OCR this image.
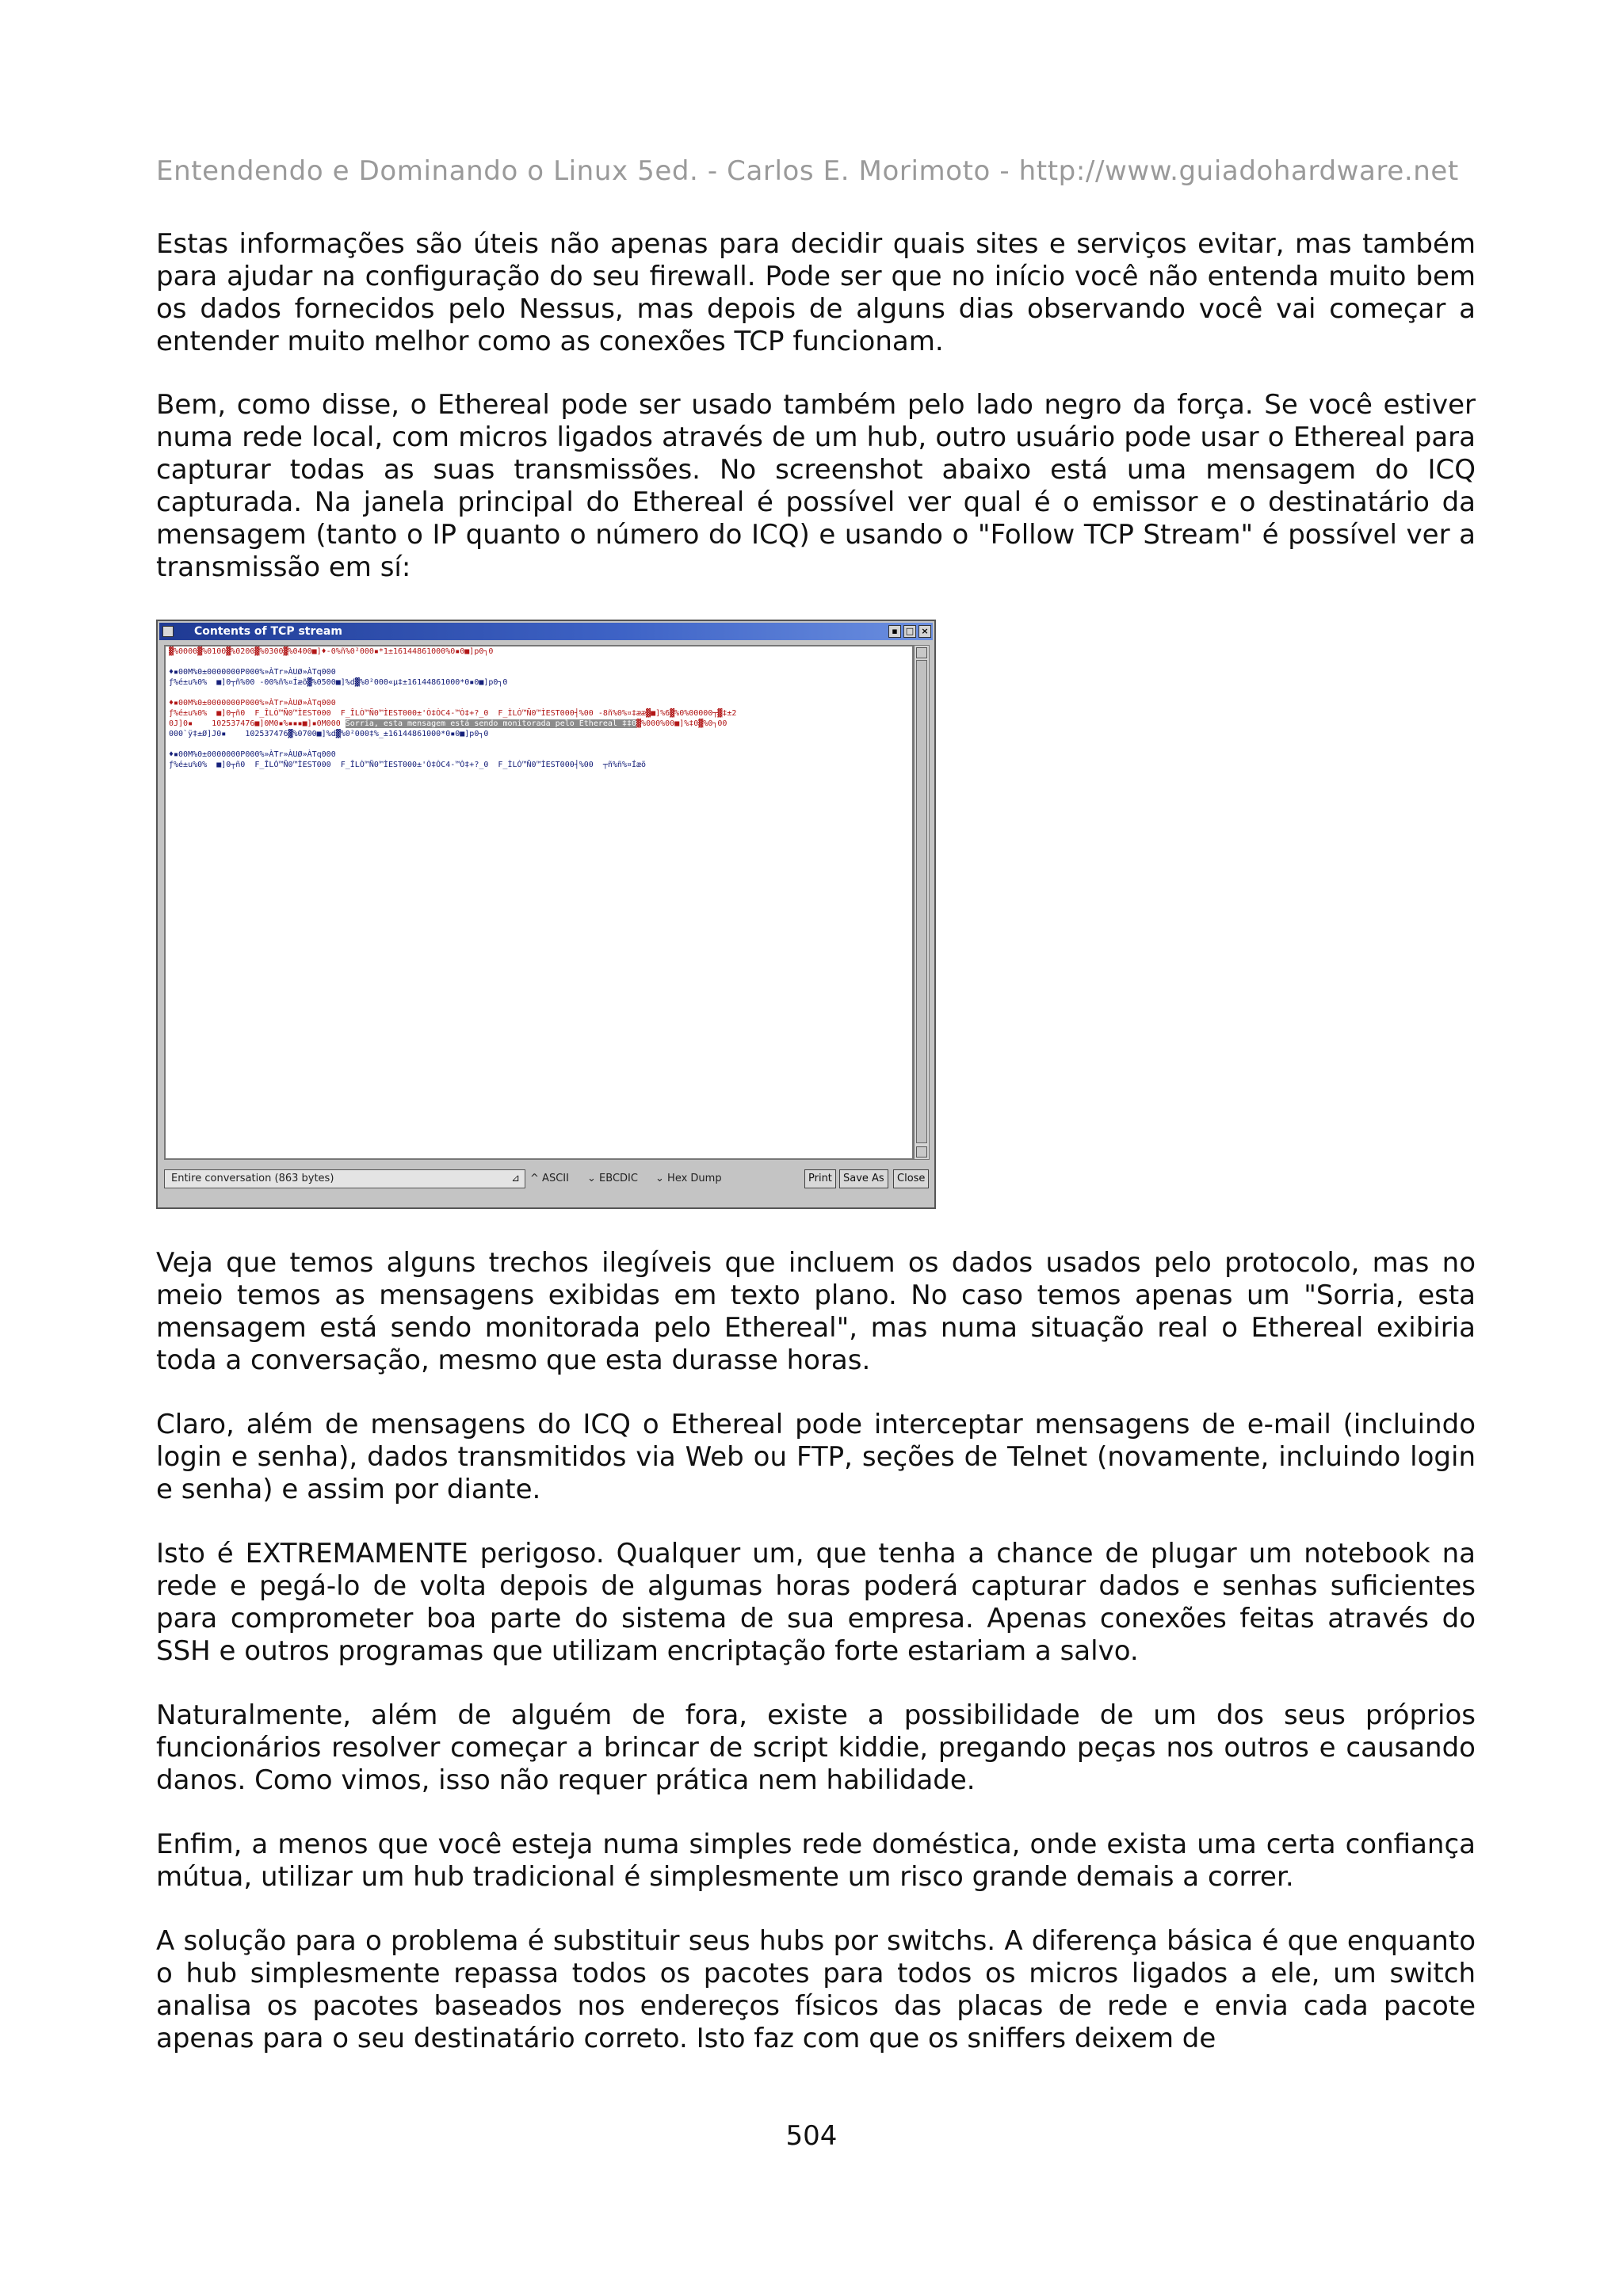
Entendendo e Dominando o Linux 5ed. - Carlos E. Morimoto - http://www.guiadohardware.net

Estas informações são úteis não apenas para decidir quais sites e serviços evitar, mas também para ajudar na configuração do seu firewall. Pode ser que no início você não entenda muito bem os dados fornecidos pelo Nessus, mas depois de alguns dias observando você vai começar a entender muito melhor como as conexões TCP funcionam.

Bem, como disse, o Ethereal pode ser usado também pelo lado negro da força. Se você estiver numa rede local, com micros ligados através de um hub, outro usuário pode usar o Ethereal para capturar todas as suas transmissões. No screenshot abaixo está uma mensagem do ICQ capturada. Na janela principal do Ethereal é possível ver qual é o emissor e o destinatário da mensagem (tanto o IP quanto o número do ICQ) e usando o "Follow TCP Stream" é possível ver a transmissão em sí:

Contents of TCP stream	▪ □ ×
▓%0000▓%0100▓%0200▓%0300▓%0400■]♦-0%ñ%0²000▪*1±16144861000%0▪0■]p0┐0
♦▪00M%0±0000000P000%»ÀTr»ÀUØ»ÀTq000
ƒ%é±u%0%  ■]0┬ñ%00 -00%ñ%¤Íæõ▓%0500■]%d▓%0²000«µ‡±16144861000*0▪0■]p0┐0
♦▪00M%0±0000000P000%»ÀTr»ÀUØ»ÀTq000
ƒ%é±u%0%  ■]0┬ñ0  F_ÎLÒ™Ñ0™ÌEST000  F_ÎLÒ™Ñ0™ÌEST000±'Ò‡ÒC4-™Ò‡+?_0  F_ÌLÒ™Ñ0™ÌEST000┤%00 -8ñ%0%¤‡ææ▓■]%6▓%0%00000┬▓‡±2
0J]0▪    102537476■]0M0▪%▪▪▪■]▪0M000 Sorria, esta mensagem está sendo monitorada pelo Ethereal ‡‡0▓%000%00■]%‡0▓%0┐00
000`ÿ‡±Ø]J0▪    102537476▓%0700■]%d▓%0²000‡%_±16144861000*0▪0■]p0┐0
♦▪00M%0±0000000P000%»ÀTr»ÀUØ»ÀTq000
ƒ%é±u%0%  ■]0┬ñ0  F_ÎLÒ™Ñ0™ÌEST000  F_ÎLÒ™Ñ0™ÌEST000±'Ò‡ÒC4-™Ò‡+?_0  F_ÌLÒ™Ñ0™ÌEST000┤%00  ┬ñ%ñ%¤Íæõ
Entire conversation (863 bytes)	⊿ ^ ASCII ⌄ EBCDIC ⌄ Hex Dump	Print	Save As	Close

Veja que temos alguns trechos ilegíveis que incluem os dados usados pelo protocolo, mas no meio temos as mensagens exibidas em texto plano. No caso temos apenas um "Sorria, esta mensagem está sendo monitorada pelo Ethereal", mas numa situação real o Ethereal exibiria toda a conversação, mesmo que esta durasse horas.

Claro, além de mensagens do ICQ o Ethereal pode interceptar mensagens de e-mail (incluindo login e senha), dados transmitidos via Web ou FTP, seções de Telnet (novamente, incluindo login e senha) e assim por diante.

Isto é EXTREMAMENTE perigoso. Qualquer um, que tenha a chance de plugar um notebook na rede e pegá-lo de volta depois de algumas horas poderá capturar dados e senhas suficientes para comprometer boa parte do sistema de sua empresa. Apenas conexões feitas através do SSH e outros programas que utilizam encriptação forte estariam a salvo.

Naturalmente, além de alguém de fora, existe a possibilidade de um dos seus próprios funcionários resolver começar a brincar de script kiddie, pregando peças nos outros e causando danos. Como vimos, isso não requer prática nem habilidade.

Enfim, a menos que você esteja numa simples rede doméstica, onde exista uma certa confiança mútua, utilizar um hub tradicional é simplesmente um risco grande demais a correr.

A solução para o problema é substituir seus hubs por switchs. A diferença básica é que enquanto o hub simplesmente repassa todos os pacotes para todos os micros ligados a ele, um switch analisa os pacotes baseados nos endereços físicos das placas de rede e envia cada pacote apenas para o seu destinatário correto. Isto faz com que os sniffers deixem de

504
